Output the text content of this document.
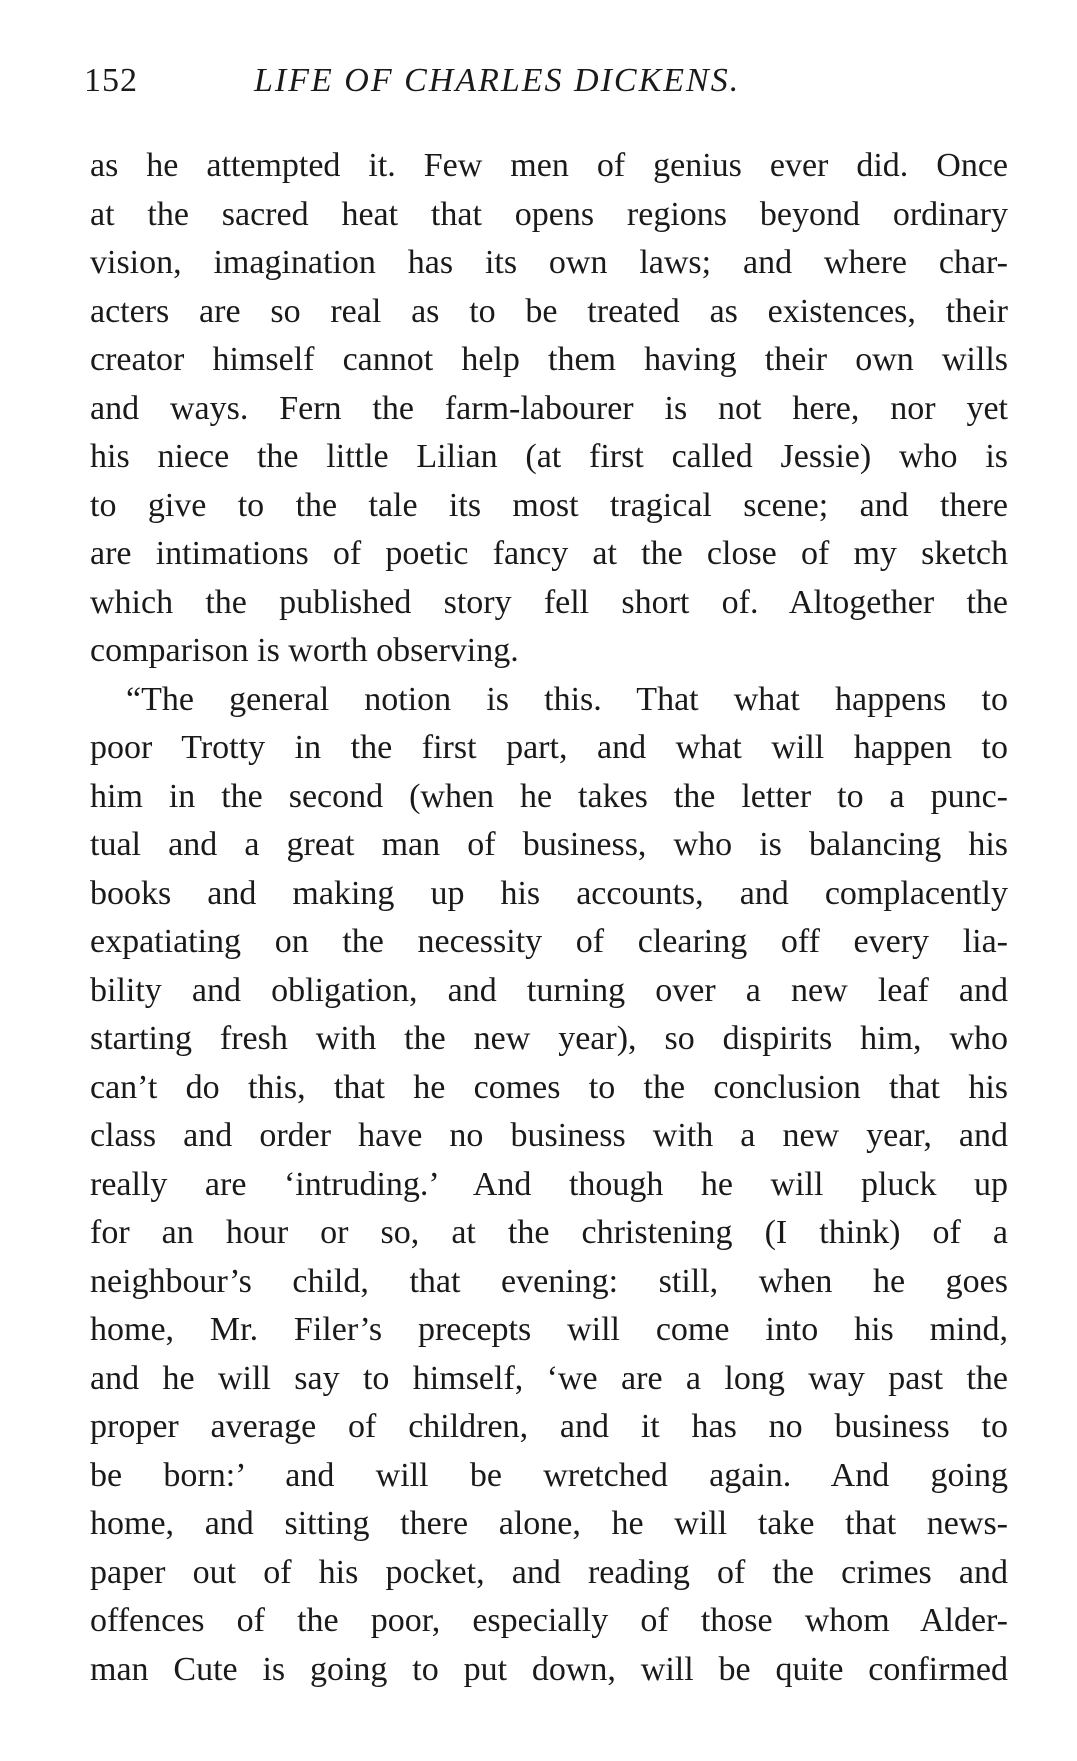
152	LIFE OF CHARLES DICKENS.
as he attempted it. Few men of genius ever did. Once
at the sacred heat that opens regions beyond ordinary
vision, imagination has its own laws; and where char-
acters are so real as to be treated as existences, their
creator himself cannot help them having their own wills
and ways. Fern the farm-labourer is not here, nor yet
his niece the little Lilian (at first called Jessie) who is
to give to the tale its most tragical scene; and there
are intimations of poetic fancy at the close of my sketch
which the published story fell short of. Altogether the
comparison is worth observing.
“The general notion is this. That what happens to
poor Trotty in the first part, and what will happen to
him in the second (when he takes the letter to a punc-
tual and a great man of business, who is balancing his
books and making up his accounts, and complacently
expatiating on the necessity of clearing off every lia-
bility and obligation, and turning over a new leaf and
starting fresh with the new year), so dispirits him, who
can’t do this, that he comes to the conclusion that his
class and order have no business with a new year, and
really are ‘intruding.’ And though he will pluck up
for an hour or so, at the christening (I think) of a
neighbour’s child, that evening: still, when he goes
home, Mr. Filer’s precepts will come into his mind,
and he will say to himself, ‘we are a long way past the
proper average of children, and it has no business to
be born:’ and will be wretched again. And going
home, and sitting there alone, he will take that news-
paper out of his pocket, and reading of the crimes and
offences of the poor, especially of those whom Alder-
man Cute is going to put down, will be quite confirmed
